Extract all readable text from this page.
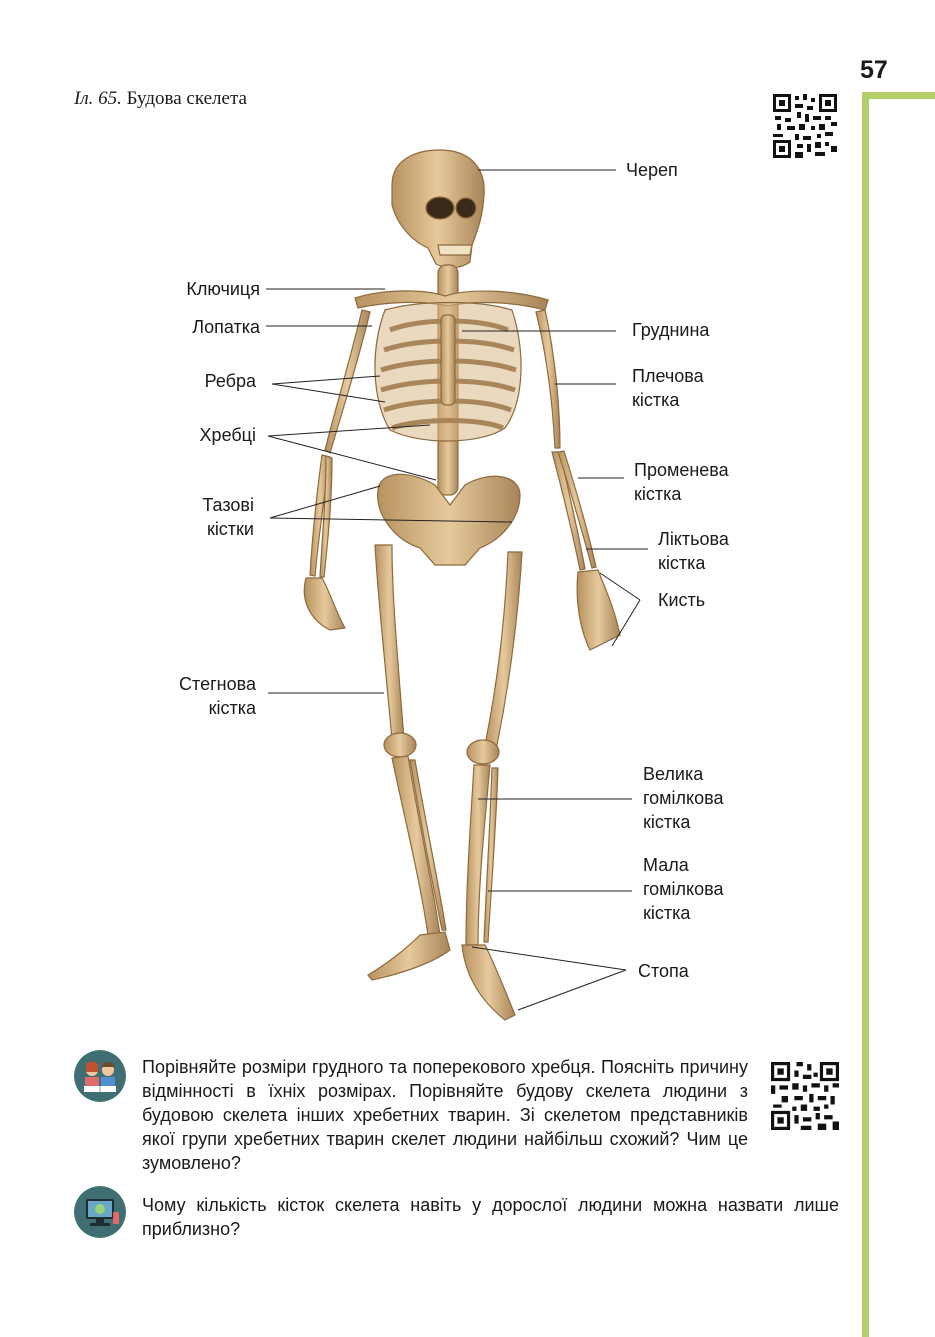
57
Іл. 65. Будова скелета
Череп
Ключиця
Лопатка	Груднина
Ребра	Плечова
кістка
Хребці
Променева
кістка
Тазові
кістки	Ліктьова
кістка
Кисть
Стегнова
кістка
Велика
гомілкова
кістка
Мала
гомілкова
кістка
Стопа
Порівняйте розміри грудного та поперекового хребця. Поясніть причину відмінності в їхніх розмірах. Порівняйте будову скелета людини з будовою скелета інших хребетних тварин. Зі скелетом представників якої групи хребетних тварин скелет людини найбільш схожий? Чим це зумовлено?
Чому кількість кісток скелета навіть у дорослої людини можна назвати лише приблизно?
